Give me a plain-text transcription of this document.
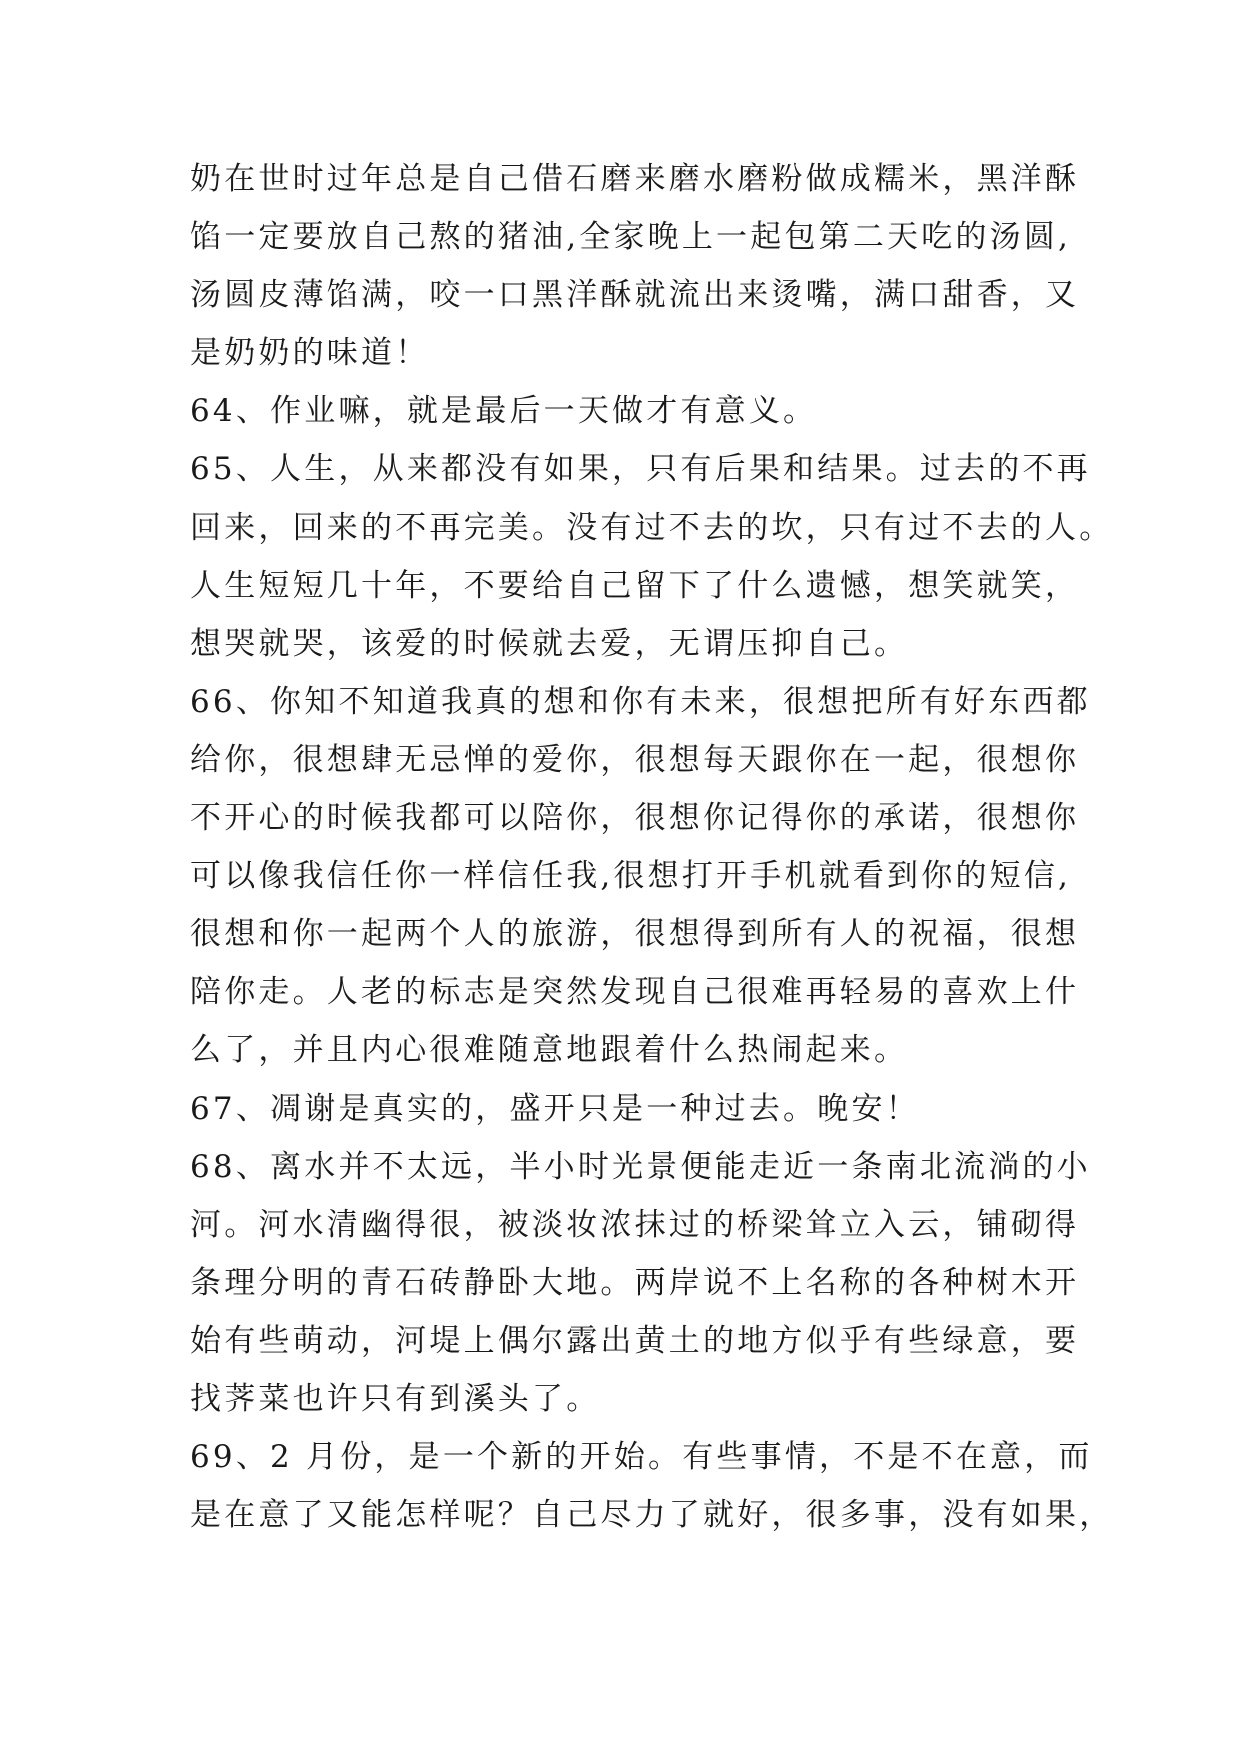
奶在世时过年总是自己借石磨来磨水磨粉做成糯米，黑洋酥
馅一定要放自己熬的猪油,全家晚上一起包第二天吃的汤圆,
汤圆皮薄馅满，咬一口黑洋酥就流出来烫嘴，满口甜香，又
是奶奶的味道！
64、作业嘛，就是最后一天做才有意义。
65、人生，从来都没有如果，只有后果和结果。过去的不再
回来，回来的不再完美。没有过不去的坎，只有过不去的人。
人生短短几十年，不要给自己留下了什么遗憾，想笑就笑，
想哭就哭，该爱的时候就去爱，无谓压抑自己。
66、你知不知道我真的想和你有未来，很想把所有好东西都
给你，很想肆无忌惮的爱你，很想每天跟你在一起，很想你
不开心的时候我都可以陪你，很想你记得你的承诺，很想你
可以像我信任你一样信任我,很想打开手机就看到你的短信,
很想和你一起两个人的旅游，很想得到所有人的祝福，很想
陪你走。人老的标志是突然发现自己很难再轻易的喜欢上什
么了，并且内心很难随意地跟着什么热闹起来。
67、凋谢是真实的，盛开只是一种过去。晚安！
68、离水并不太远，半小时光景便能走近一条南北流淌的小
河。河水清幽得很，被淡妆浓抹过的桥梁耸立入云，铺砌得
条理分明的青石砖静卧大地。两岸说不上名称的各种树木开
始有些萌动，河堤上偶尔露出黄土的地方似乎有些绿意，要
找荠菜也许只有到溪头了。
69、2 月份，是一个新的开始。有些事情，不是不在意，而
是在意了又能怎样呢？自己尽力了就好，很多事，没有如果，
